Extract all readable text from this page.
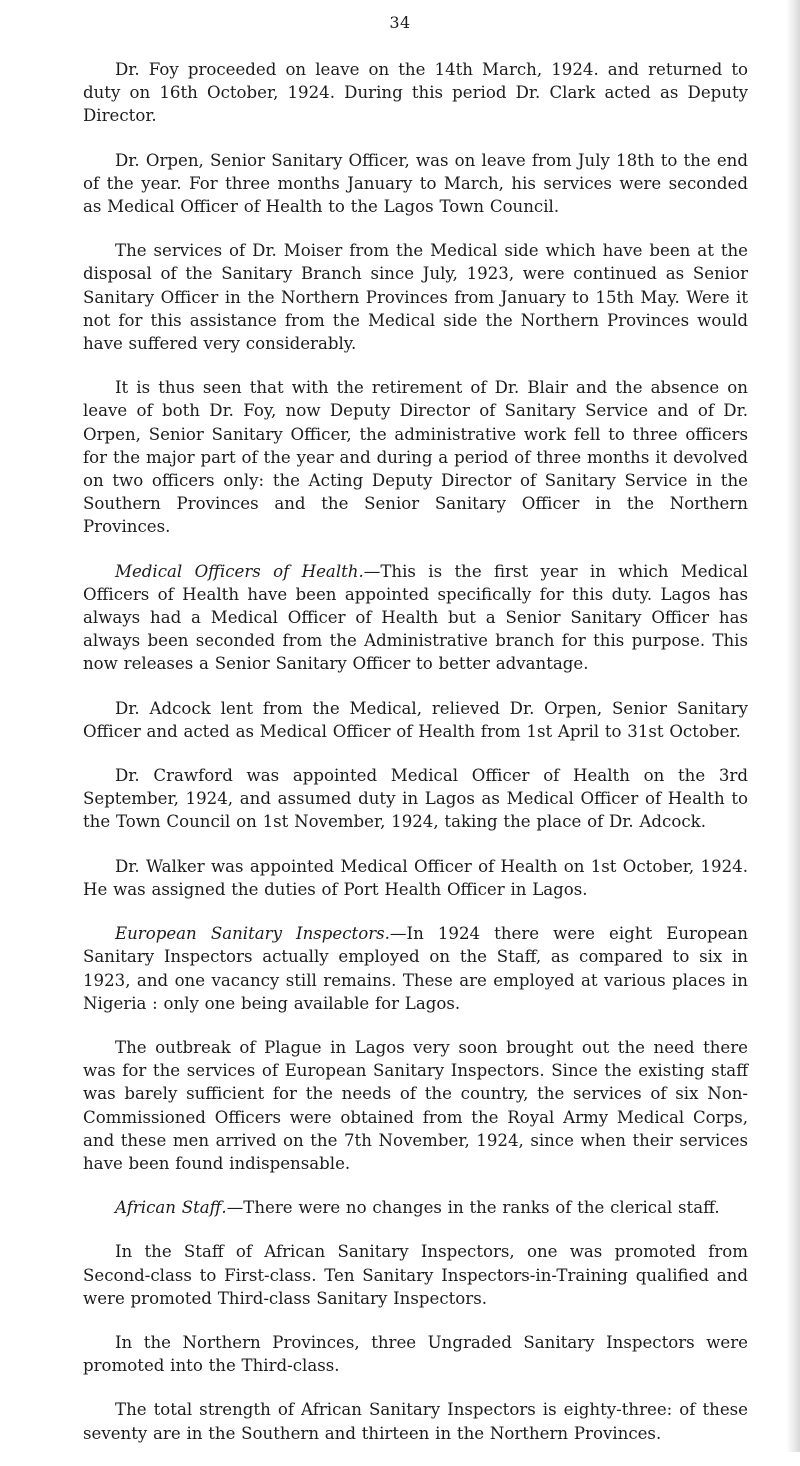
34

Dr. Foy proceeded on leave on the 14th March, 1924. and returned to duty on 16th October, 1924. During this period Dr. Clark acted as Deputy Director.

Dr. Orpen, Senior Sanitary Officer, was on leave from July 18th to the end of the year. For three months January to March, his services were seconded as Medical Officer of Health to the Lagos Town Council.

The services of Dr. Moiser from the Medical side which have been at the disposal of the Sanitary Branch since July, 1923, were continued as Senior Sanitary Officer in the Northern Provinces from January to 15th May. Were it not for this assistance from the Medical side the Northern Provinces would have suffered very considerably.

It is thus seen that with the retirement of Dr. Blair and the absence on leave of both Dr. Foy, now Deputy Director of Sanitary Service and of Dr. Orpen, Senior Sanitary Officer, the administrative work fell to three officers for the major part of the year and during a period of three months it devolved on two officers only: the Acting Deputy Director of Sanitary Service in the Southern Provinces and the Senior Sanitary Officer in the Northern Provinces.

Medical Officers of Health.—This is the first year in which Medical Officers of Health have been appointed specifically for this duty. Lagos has always had a Medical Officer of Health but a Senior Sanitary Officer has always been seconded from the Administrative branch for this purpose. This now releases a Senior Sanitary Officer to better advantage.

Dr. Adcock lent from the Medical, relieved Dr. Orpen, Senior Sanitary Officer and acted as Medical Officer of Health from 1st April to 31st October.

Dr. Crawford was appointed Medical Officer of Health on the 3rd September, 1924, and assumed duty in Lagos as Medical Officer of Health to the Town Council on 1st November, 1924, taking the place of Dr. Adcock.

Dr. Walker was appointed Medical Officer of Health on 1st October, 1924. He was assigned the duties of Port Health Officer in Lagos.

European Sanitary Inspectors.—In 1924 there were eight European Sanitary Inspectors actually employed on the Staff, as compared to six in 1923, and one vacancy still remains. These are employed at various places in Nigeria : only one being available for Lagos.

The outbreak of Plague in Lagos very soon brought out the need there was for the services of European Sanitary Inspectors. Since the existing staff was barely sufficient for the needs of the country, the services of six Non-Commissioned Officers were obtained from the Royal Army Medical Corps, and these men arrived on the 7th November, 1924, since when their services have been found indispensable.

African Staff.—There were no changes in the ranks of the clerical staff.

In the Staff of African Sanitary Inspectors, one was promoted from Second-class to First-class. Ten Sanitary Inspectors-in-Training qualified and were promoted Third-class Sanitary Inspectors.

In the Northern Provinces, three Ungraded Sanitary Inspectors were promoted into the Third-class.

The total strength of African Sanitary Inspectors is eighty-three: of these seventy are in the Southern and thirteen in the Northern Provinces.
